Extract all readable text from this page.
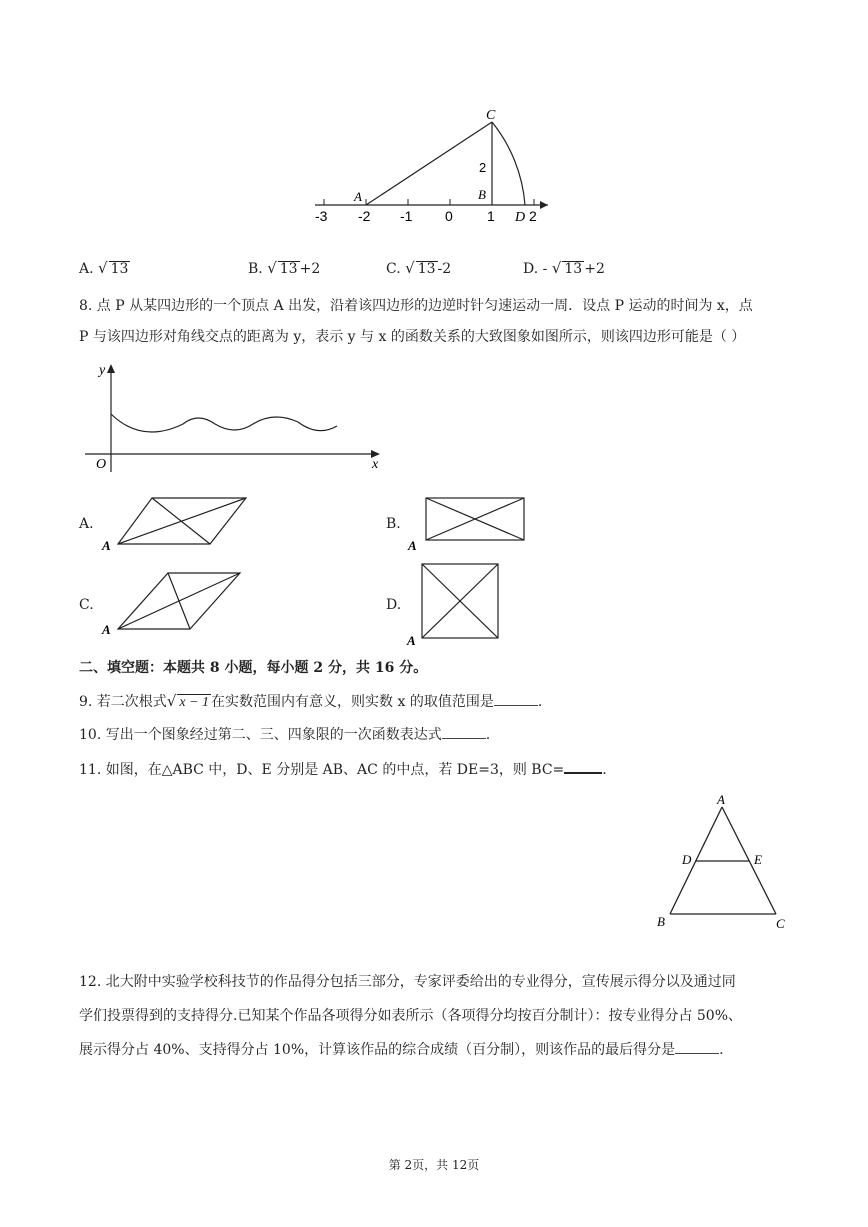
C
A	B
2
-3 -2 -1 0 1 D 2
A. √ 13	B. √ 13 +2	C. √ 13 -2	D. - √ 13 +2
8. 点 P 从某四边形的一个顶点 A 出发，沿着该四边形的边逆时针匀速运动一周．设点 P 运动的时间为 x，点
P 与该四边形对角线交点的距离为 y，表示 y 与 x 的函数关系的大致图象如图所示，则该四边形可能是（ ）
y
x
O
A.
A
B.
A
C.
A
D.
A
二、填空题：本题共 8 小题，每小题 2 分，共 16 分。
9. 若二次根式√ x − 1 在实数范围内有意义，则实数 x 的取值范围是	.
10. 写出一个图象经过第二、三、四象限的一次函数表达式	.
11. 如图，在△ABC 中，D、E 分别是 AB、AC 的中点，若 DE=3，则 BC=	.
A
D	E
B	C
12. 北大附中实验学校科技节的作品得分包括三部分，专家评委给出的专业得分，宣传展示得分以及通过同
学们投票得到的支持得分.已知某个作品各项得分如表所示（各项得分均按百分制计）：按专业得分占 50%、
展示得分占 40%、支持得分占 10%，计算该作品的综合成绩（百分制），则该作品的最后得分是	.
第 2页，共 12页
